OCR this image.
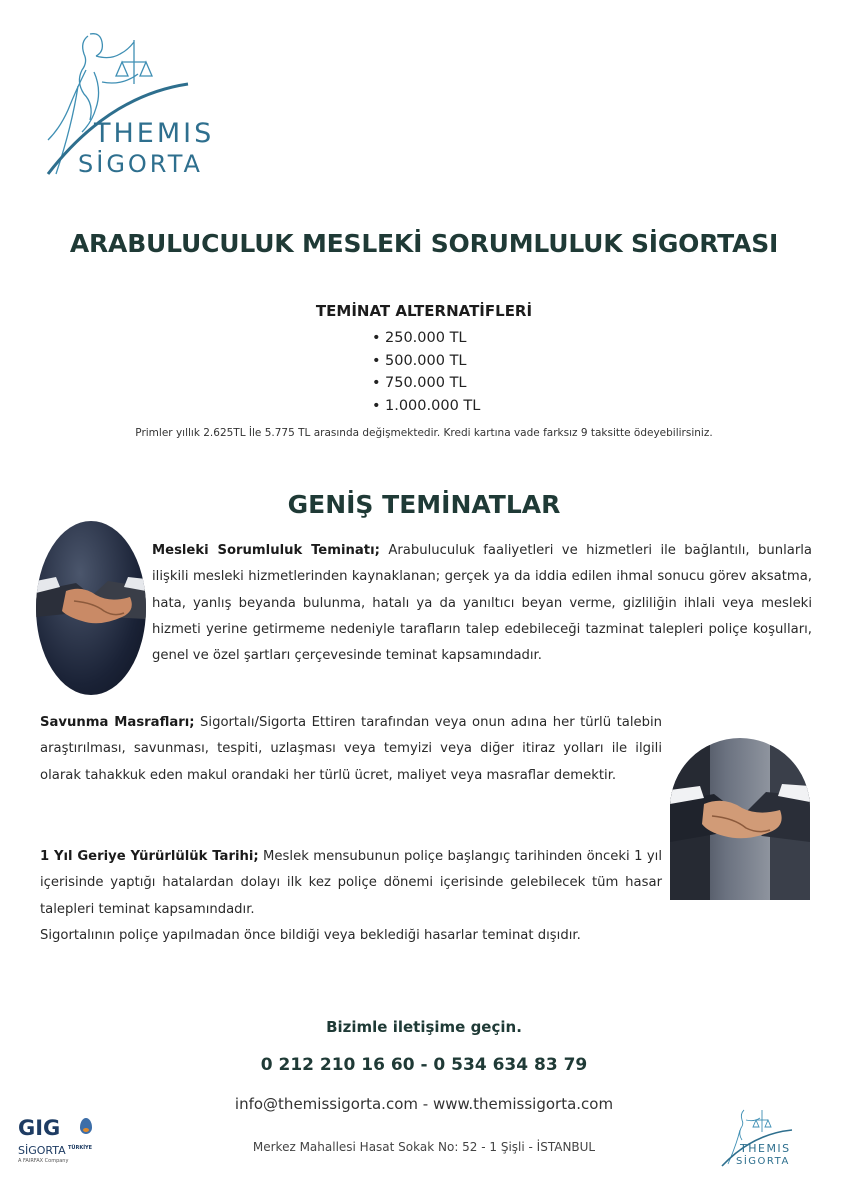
THEMIS
SİGORTA
ARABULUCULUK MESLEKİ SORUMLULUK SİGORTASI
TEMİNAT ALTERNATİFLERİ
• 250.000 TL
• 500.000 TL
• 750.000 TL
• 1.000.000 TL
Primler yıllık 2.625TL İle 5.775 TL arasında değişmektedir. Kredi kartına vade farksız 9 taksitte ödeyebilirsiniz.
GENİŞ TEMİNATLAR
Mesleki Sorumluluk Teminatı; Arabuluculuk faaliyetleri ve hizmetleri ile bağlantılı, bunlarla ilişkili mesleki hizmetlerinden kaynaklanan; gerçek ya da iddia edilen ihmal sonucu görev aksatma, hata, yanlış beyanda bulunma, hatalı ya da yanıltıcı beyan verme, gizliliğin ihlali veya mesleki hizmeti yerine getirmeme nedeniyle tarafların talep edebileceği tazminat talepleri poliçe koşulları, genel ve özel şartları çerçevesinde teminat kapsamındadır.
Savunma Masrafları; Sigortalı/Sigorta Ettiren tarafından veya onun adına her türlü talebin araştırılması, savunması, tespiti, uzlaşması veya temyizi veya diğer itiraz yolları ile ilgili olarak tahakkuk eden makul orandaki her türlü ücret, maliyet veya masraflar demektir.
1 Yıl Geriye Yürürlülük Tarihi; Meslek mensubunun poliçe başlangıç tarihinden önceki 1 yıl içerisinde yaptığı hatalardan dolayı ilk kez poliçe dönemi içerisinde gelebilecek tüm hasar talepleri teminat kapsamındadır.
Sigortalının poliçe yapılmadan önce bildiği veya beklediği hasarlar teminat dışıdır.
Bizimle iletişime geçin.
0 212 210 16 60 - 0 534 634 83 79
info@themissigorta.com - www.themissigorta.com
Merkez Mahallesi Hasat Sokak No: 52 - 1 Şişli - İSTANBUL
GIG
SİGORTA TÜRKİYE
A FAIRFAX Company
THEMIS
SİGORTA
